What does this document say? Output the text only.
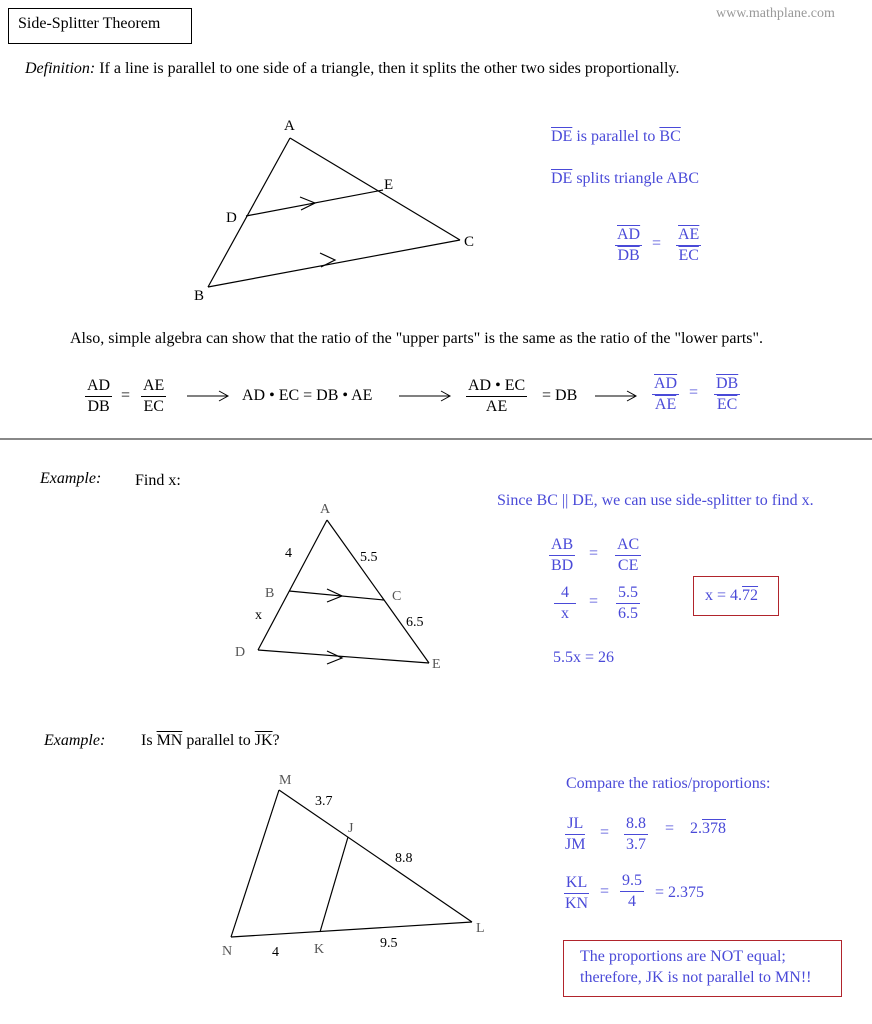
Side-Splitter Theorem
www.mathplane.com
Definition: If a line is parallel to one side of a triangle, then it splits the other two sides proportionally.
A
B
C
D
E
$\overline{DE}$ is parallel to $\overline{BC}$
$\overline{DE}$ splits triangle ABC
$\frac{\overline{AD}}{DB} = \frac{\overline{AE}}{EC}$
Also, simple algebra can show that the ratio of the "upper parts" is the same as the ratio of the "lower parts".
$\frac{AD}{DB} = \frac{AE}{EC}$	AD • EC = DB • AE	$\frac{AD • EC}{AE}$ = DB	$\frac{\overline{AD}}{AE} = \frac{\overline{DB}}{EC}$
Example: Find x:
A
B	C
D
E
4	5.5
x	6.5
Since BC || DE, we can use side-splitter to find x.
$\frac{AB}{BD} = \frac{AC}{CE}$
$\frac{4}{x} = \frac{5.5}{6.5}$
5.5x = 26
x = 4.72
Example: Is $\overline{MN}$ parallel to $\overline{JK}$?
M
J
L
N	K
3.7
8.8
4
9.5
Compare the ratios/proportions:
$\frac{JL}{JM} = \frac{8.8}{3.7} = 2.378$
$\frac{KL}{KN} = \frac{9.5}{4} = 2.375$
The proportions are NOT equal;
therefore, JK is not parallel to MN!!
